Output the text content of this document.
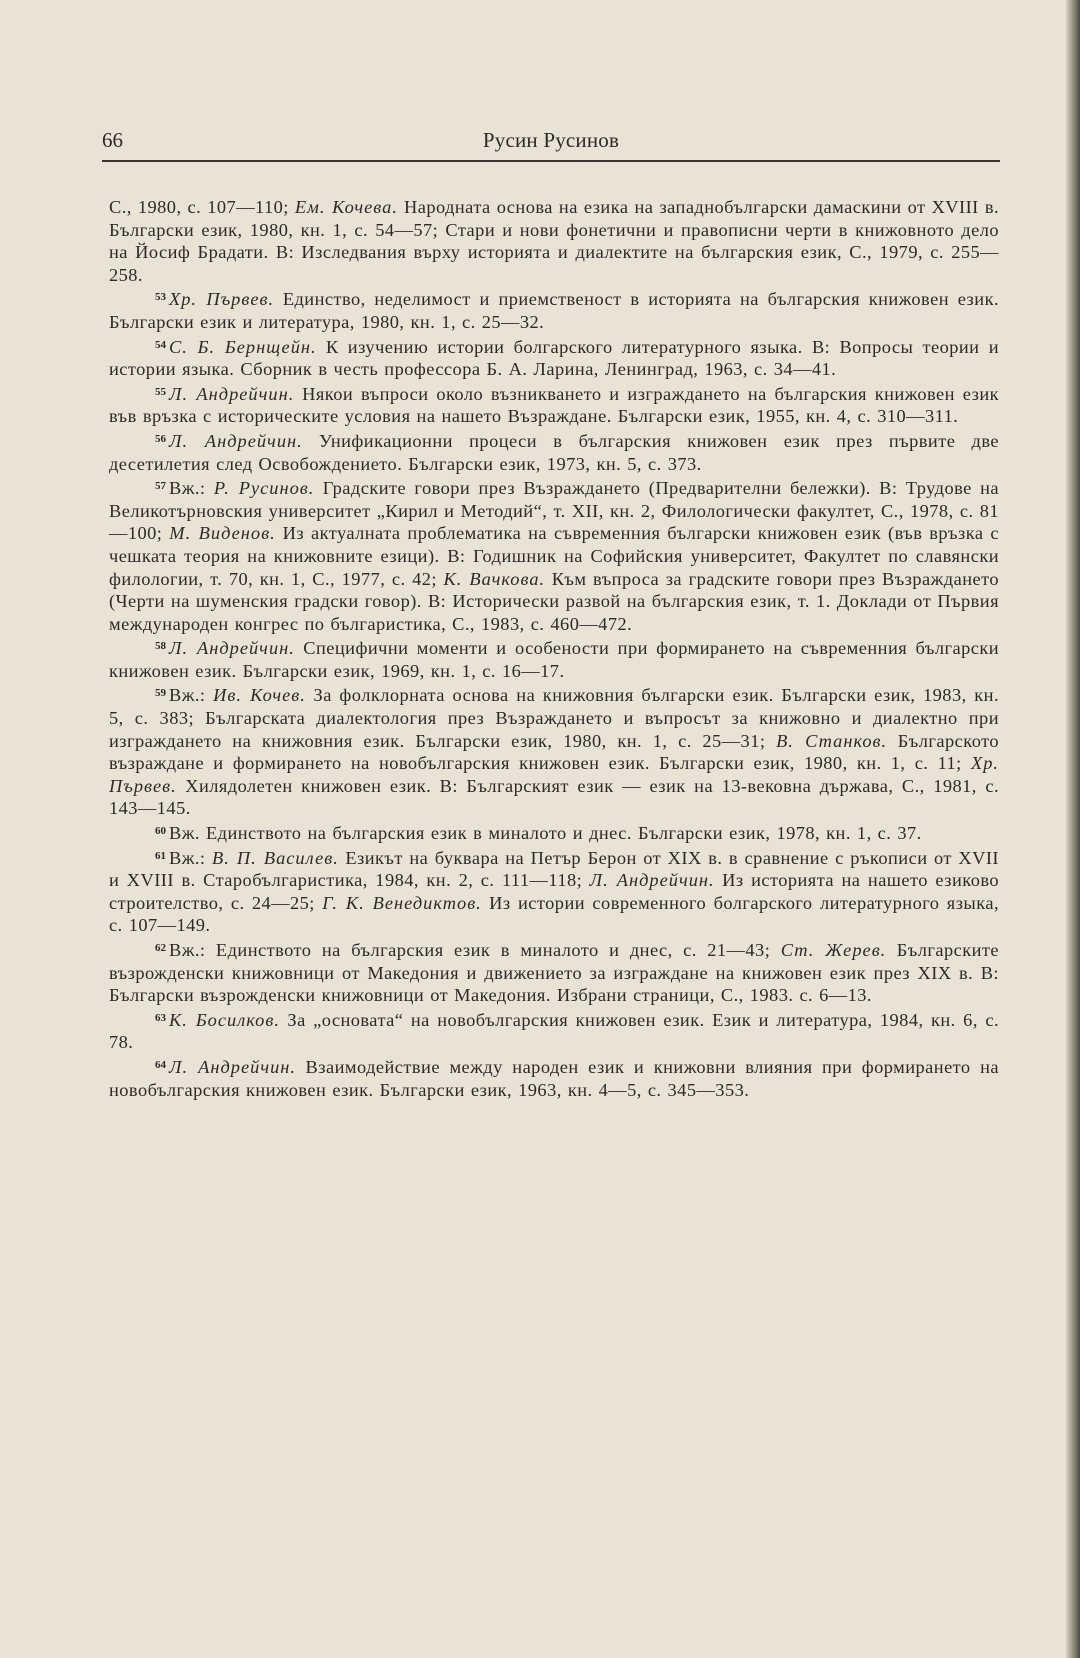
66	Русин Русинов

С., 1980, с. 107—110; Ем. Кочева. Народната основа на езика на западнобългарски дамаскини от XVIII в. Български език, 1980, кн. 1, с. 54—57; Стари и нови фонетични и правописни черти в книжовното дело на Йосиф Брадати. В: Изследвания върху историята и диалектите на българския език, С., 1979, с. 255—258.

$^{53}$ Хр. Първев. Единство, неделимост и приемственост в историята на българския книжовен език. Български език и литература, 1980, кн. 1, с. 25—32.

$^{54}$ С. Б. Бернщейн. К изучению истории болгарского литературного языка. В: Вопросы теории и истории языка. Сборник в честь профессора Б. А. Ларина, Ленинград, 1963, с. 34—41.

$^{55}$ Л. Андрейчин. Някои въпроси около възникването и изграждането на българския книжовен език във връзка с историческите условия на нашето Възраждане. Български език, 1955, кн. 4, с. 310—311.

$^{56}$ Л. Андрейчин. Унификационни процеси в българския книжовен език през първите две десетилетия след Освобождението. Български език, 1973, кн. 5, с. 373.

$^{57}$ Вж.: Р. Русинов. Градските говори през Възраждането (Предварителни бележки). В: Трудове на Великотърновския университет „Кирил и Методий“, т. XII, кн. 2, Филологически факултет, С., 1978, с. 81—100; М. Виденов. Из актуалната проблематика на съвременния български книжовен език (във връзка с чешката теория на книжовните езици). В: Годишник на Софийския университет, Факултет по славянски филологии, т. 70, кн. 1, С., 1977, с. 42; К. Вачкова. Към въпроса за градските говори през Възраждането (Черти на шуменския градски говор). В: Исторически развой на българския език, т. 1. Доклади от Първия международен конгрес по българистика, С., 1983, с. 460—472.

$^{58}$ Л. Андрейчин. Специфични моменти и особености при формирането на съвременния български книжовен език. Български език, 1969, кн. 1, с. 16—17.

$^{59}$ Вж.: Ив. Кочев. За фолклорната основа на книжовния български език. Български език, 1983, кн. 5, с. 383; Българската диалектология през Възраждането и въпросът за книжовно и диалектно при изграждането на книжовния език. Български език, 1980, кн. 1, с. 25—31; В. Станков. Българското възраждане и формирането на новобългарския книжовен език. Български език, 1980, кн. 1, с. 11; Хр. Първев. Хилядолетен книжовен език. В: Българският език — език на 13-вековна държава, С., 1981, с. 143—145.

$^{60}$ Вж. Единството на българския език в миналото и днес. Български език, 1978, кн. 1, с. 37.

$^{61}$ Вж.: В. П. Василев. Езикът на буквара на Петър Берон от XIX в. в сравнение с ръкописи от XVII и XVIII в. Старобългаристика, 1984, кн. 2, с. 111—118; Л. Андрейчин. Из историята на нашето езиково строителство, с. 24—25; Г. К. Венедиктов. Из истории современного болгарского литературного языка, с. 107—149.

$^{62}$ Вж.: Единството на българския език в миналото и днес, с. 21—43; Ст. Жерев. Българските възрожденски книжовници от Македония и движението за изграждане на книжовен език през XIX в. В: Български възрожденски книжовници от Македония. Избрани страници, С., 1983. с. 6—13.

$^{63}$ К. Босилков. За „основата“ на новобългарския книжовен език. Език и литература, 1984, кн. 6, с. 78.

$^{64}$ Л. Андрейчин. Взаимодействие между народен език и книжовни влияния при формирането на новобългарския книжовен език. Български език, 1963, кн. 4—5, с. 345—353.
